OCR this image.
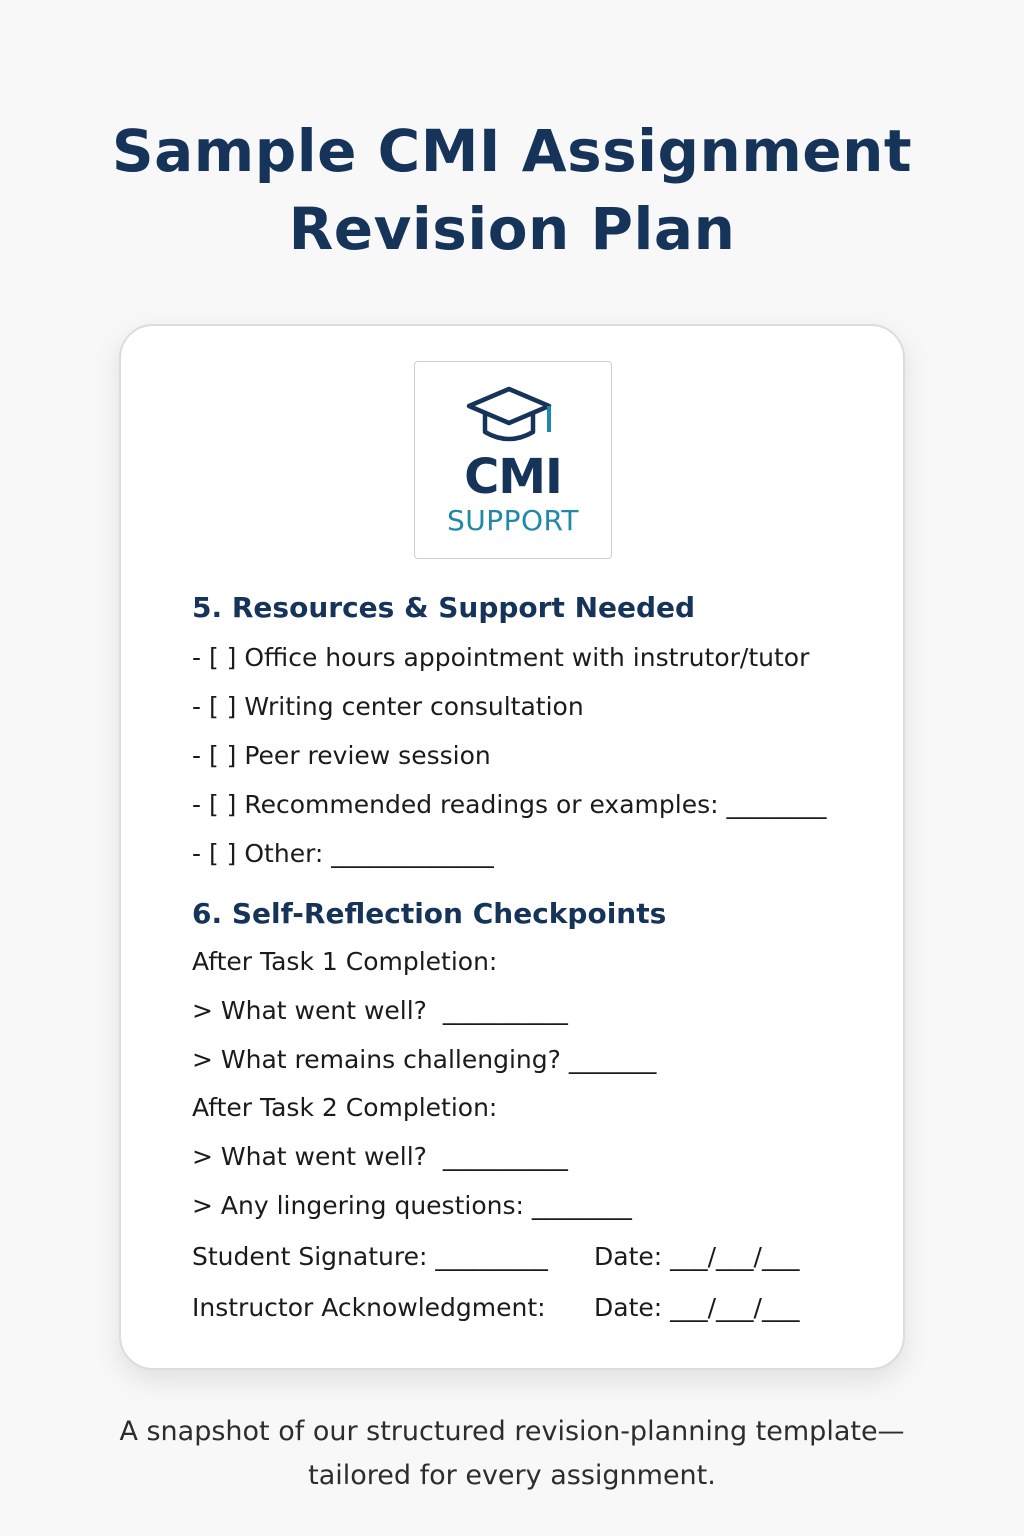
Sample CMI Assignment
Revision Plan
CMI
SUPPORT
5. Resources & Support Needed
- [ ] Office hours appointment with instrutor/tutor
- [ ] Writing center consultation
- [ ] Peer review session
- [ ] Recommended readings or examples: ________
- [ ] Other: _____________
6. Self-Reflection Checkpoints
After Task 1 Completion:
> What went well?  __________
> What remains challenging? _______
After Task 2 Completion:
> What went well?  __________
> Any lingering questions: ________
Student Signature: _________ Date: ___/___/___
Instructor Acknowledgment: Date: ___/___/___
A snapshot of our structured revision-planning template—
tailored for every assignment.
